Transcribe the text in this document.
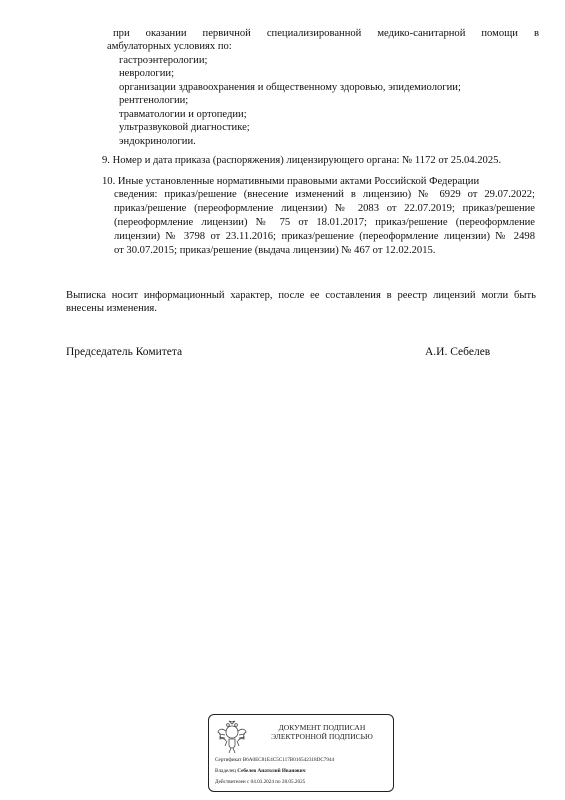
при оказании первичной специализированной медико-санитарной помощи в
амбулаторных условиях по:
гастроэнтерологии;
неврологии;
организации здравоохранения и общественному здоровью, эпидемиологии;
рентгенологии;
травматологии и ортопедии;
ультразвуковой диагностике;
эндокринологии.
9. Номер и дата приказа (распоряжения) лицензирующего органа: № 1172 от 25.04.2025.
10. Иные установленные нормативными правовыми актами Российской Федерации
сведения: приказ/решение (внесение изменений в лицензию) № 6929 от 29.07.2022;
приказ/решение (переоформление лицензии) № 2083 от 22.07.2019; приказ/решение
(переоформление лицензии) № 75 от 18.01.2017; приказ/решение (переоформление
лицензии) № 3798 от 23.11.2016; приказ/решение (переоформление лицензии) № 2498
от 30.07.2015; приказ/решение (выдача лицензии) № 467 от 12.02.2015.
Выписка носит информационный характер, после ее составления в реестр лицензий могли быть
внесены изменения.
Председатель Комитета	А.И. Себелев
ДОКУМЕНТ ПОДПИСАН
ЭЛЕКТРОННОЙ ПОДПИСЬЮ
Сертификат B6A0EC81E4C5C117B016542318DC7944
Владелец Себелев Анатолий Иванович
Действителен с 04.03.2024 по 28.05.2025
